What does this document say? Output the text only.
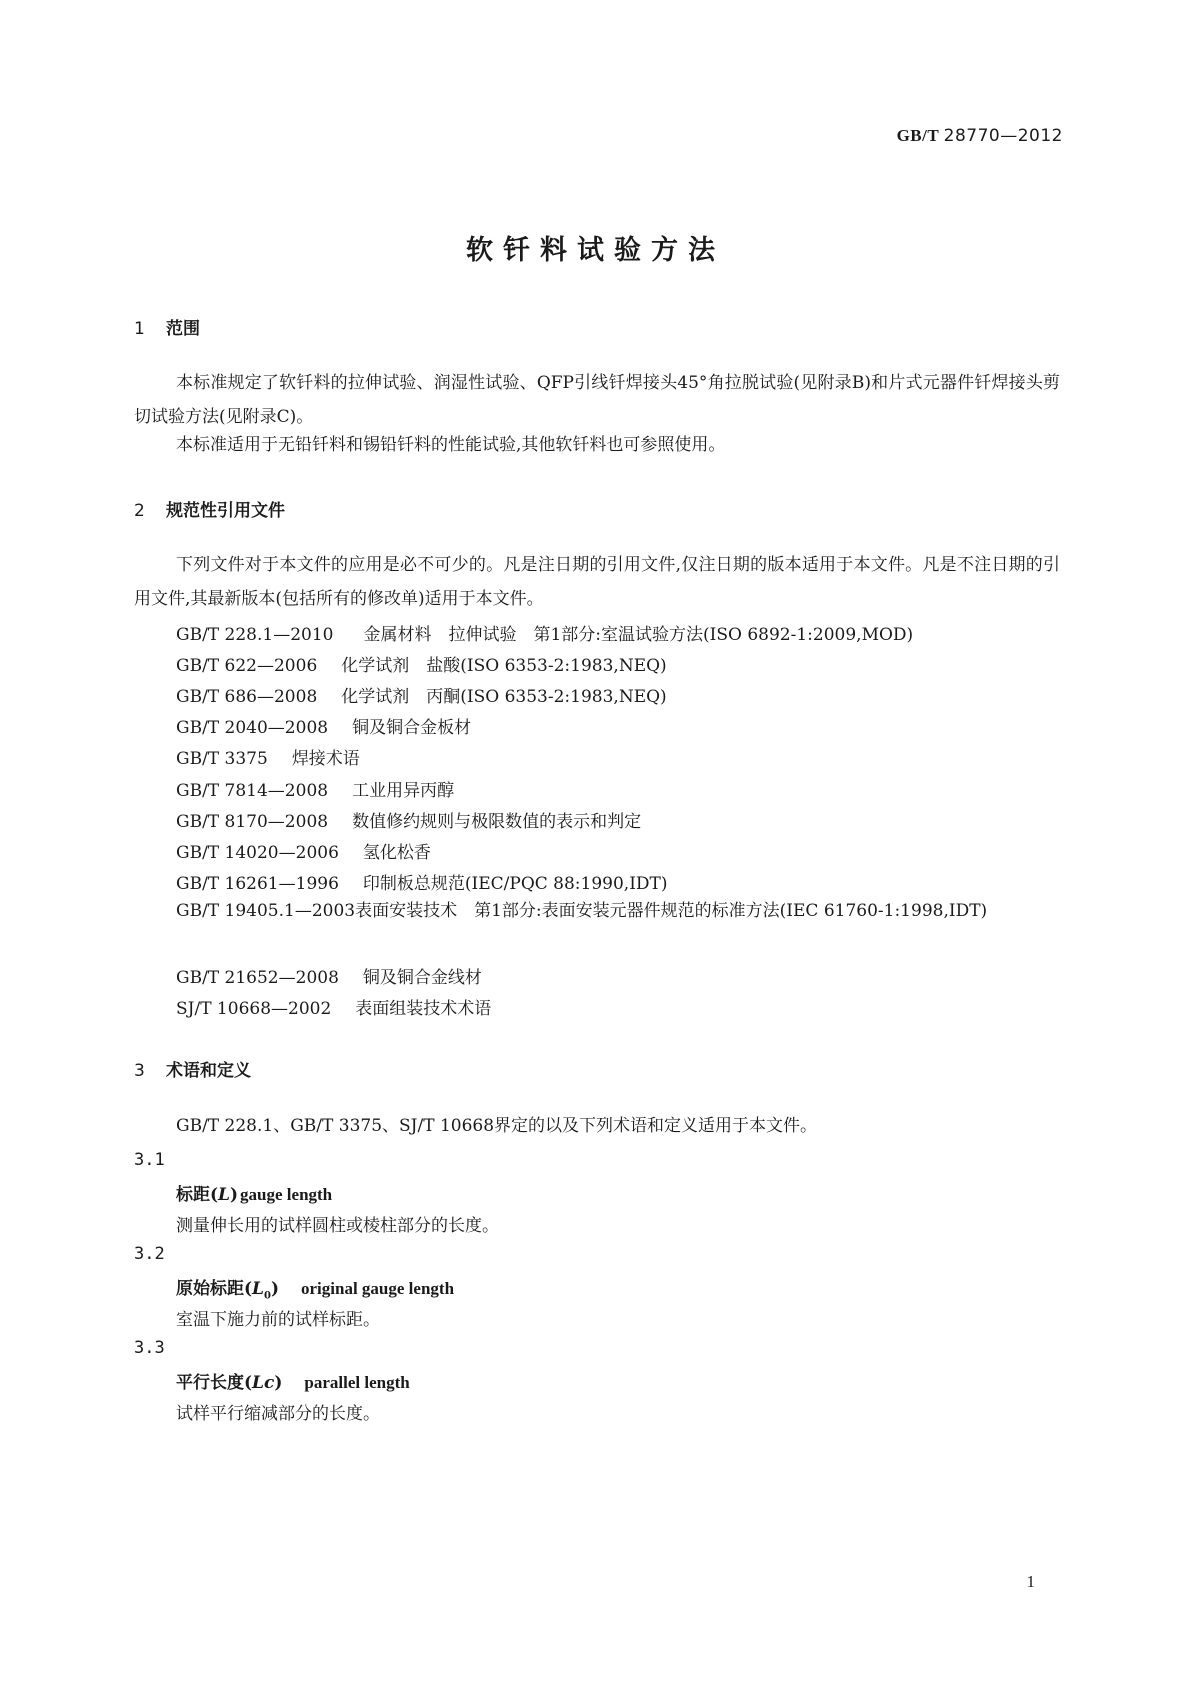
GB/T 28770—2012
软钎料试验方法
1 范围
本标准规定了软钎料的拉伸试验、润湿性试验、QFP引线钎焊接头45°角拉脱试验(见附录B)和片式元器件钎焊接头剪切试验方法(见附录C)。
本标准适用于无铅钎料和锡铅钎料的性能试验,其他软钎料也可参照使用。
2 规范性引用文件
下列文件对于本文件的应用是必不可少的。凡是注日期的引用文件,仅注日期的版本适用于本文件。凡是不注日期的引用文件,其最新版本(包括所有的修改单)适用于本文件。
GB/T 228.1—2010 金属材料　拉伸试验　第1部分:室温试验方法(ISO 6892-1:2009,MOD)
GB/T 622—2006 化学试剂　盐酸(ISO 6353-2:1983,NEQ)
GB/T 686—2008 化学试剂　丙酮(ISO 6353-2:1983,NEQ)
GB/T 2040—2008 铜及铜合金板材
GB/T 3375 焊接术语
GB/T 7814—2008 工业用异丙醇
GB/T 8170—2008 数值修约规则与极限数值的表示和判定
GB/T 14020—2006 氢化松香
GB/T 16261—1996 印制板总规范(IEC/PQC 88:1990,IDT)
GB/T 19405.1—2003表面安装技术　第1部分:表面安装元器件规范的标准方法(IEC 61760-1:1998,IDT)
GB/T 21652—2008 铜及铜合金线材
SJ/T 10668—2002 表面组装技术术语
3 术语和定义
GB/T 228.1、GB/T 3375、SJ/T 10668界定的以及下列术语和定义适用于本文件。
3.1
标距(L) gauge length
测量伸长用的试样圆柱或棱柱部分的长度。
3.2
原始标距$(L_0)$ original gauge length
室温下施力前的试样标距。
3.3
平行长度(Lc) parallel length
试样平行缩减部分的长度。
1
